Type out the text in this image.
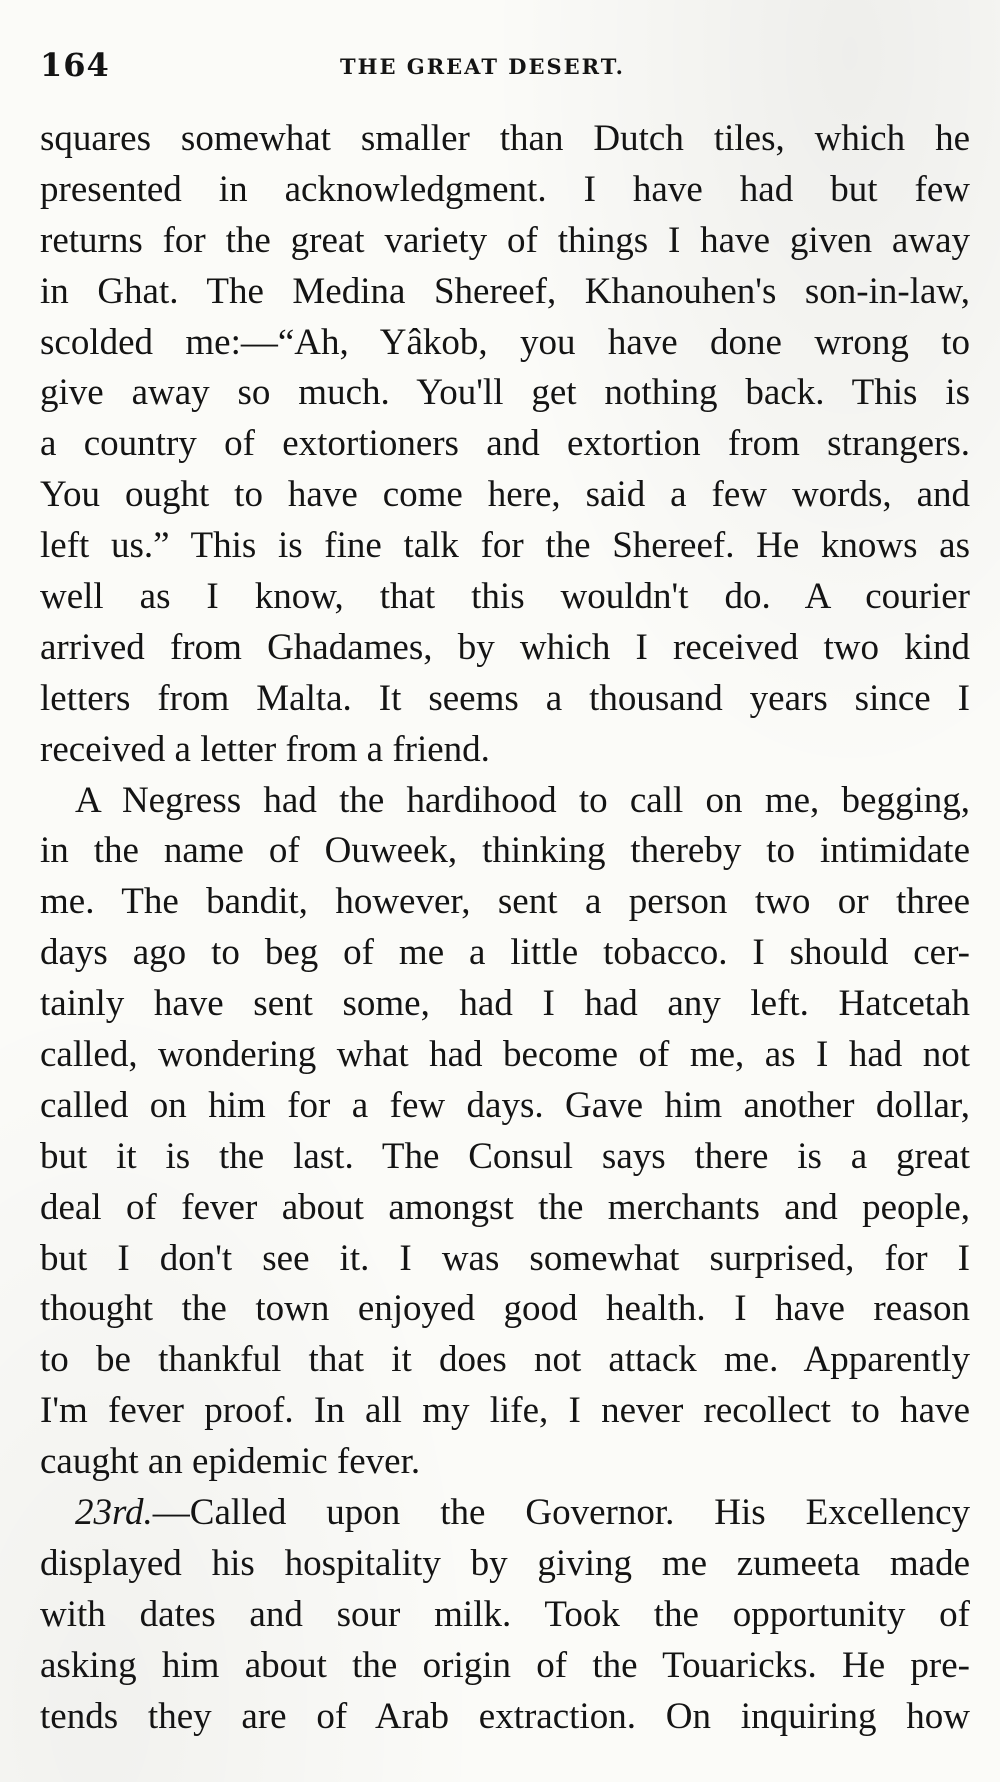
164	THE GREAT DESERT.
squares somewhat smaller than Dutch tiles, which he
presented in acknowledgment. I have had but few
returns for the great variety of things I have given away
in Ghat. The Medina Shereef, Khanouhen's son-in-law,
scolded me:—“Ah, Yâkob, you have done wrong to
give away so much. You'll get nothing back. This is
a country of extortioners and extortion from strangers.
You ought to have come here, said a few words, and
left us.” This is fine talk for the Shereef. He knows as
well as I know, that this wouldn't do. A courier
arrived from Ghadames, by which I received two kind
letters from Malta. It seems a thousand years since I
received a letter from a friend.
A Negress had the hardihood to call on me, begging,
in the name of Ouweek, thinking thereby to intimidate
me. The bandit, however, sent a person two or three
days ago to beg of me a little tobacco. I should cer-
tainly have sent some, had I had any left. Hatcetah
called, wondering what had become of me, as I had not
called on him for a few days. Gave him another dollar,
but it is the last. The Consul says there is a great
deal of fever about amongst the merchants and people,
but I don't see it. I was somewhat surprised, for I
thought the town enjoyed good health. I have reason
to be thankful that it does not attack me. Apparently
I'm fever proof. In all my life, I never recollect to have
caught an epidemic fever.
23rd.—Called upon the Governor. His Excellency
displayed his hospitality by giving me zumeeta made
with dates and sour milk. Took the opportunity of
asking him about the origin of the Touaricks. He pre-
tends they are of Arab extraction. On inquiring how
